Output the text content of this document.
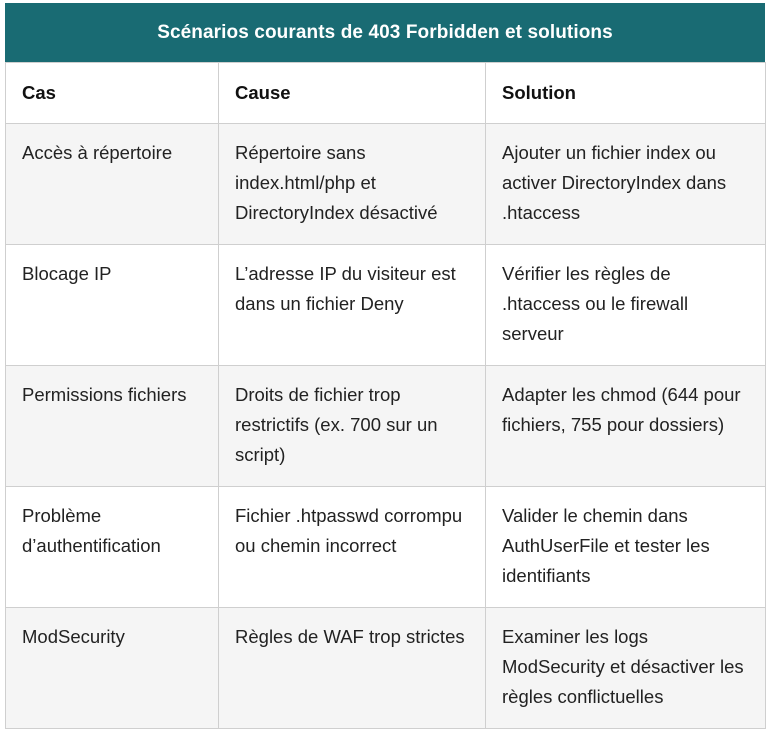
Scénarios courants de 403 Forbidden et solutions
Cas	Cause	Solution
Accès à répertoire	Répertoire sans index.html/php et DirectoryIndex désactivé	Ajouter un fichier index ou activer DirectoryIndex dans .htaccess
Blocage IP	L’adresse IP du visiteur est dans un fichier Deny	Vérifier les règles de .htaccess ou le firewall serveur
Permissions fichiers	Droits de fichier trop restrictifs (ex. 700 sur un script)	Adapter les chmod (644 pour fichiers, 755 pour dossiers)
Problème d’authentification	Fichier .htpasswd corrompu ou chemin incorrect	Valider le chemin dans AuthUserFile et tester les identifiants
ModSecurity	Règles de WAF trop strictes	Examiner les logs ModSecurity et désactiver les règles conflictuelles
